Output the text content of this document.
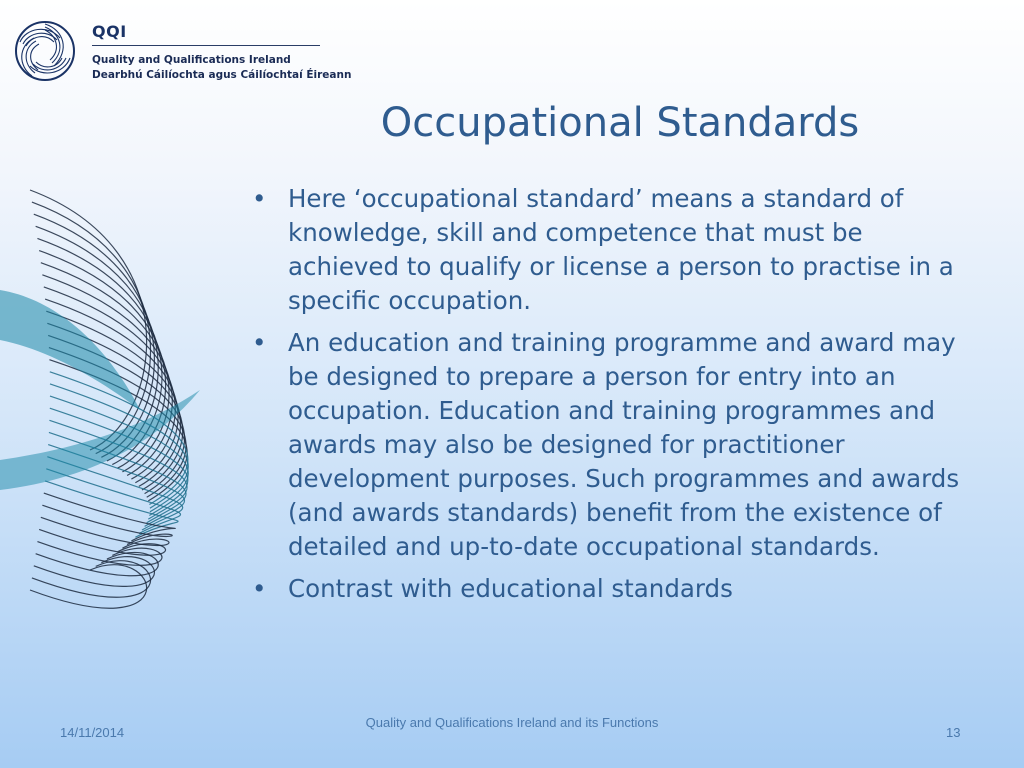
QQI
Quality and Qualifications Ireland
Dearbhú Cáilíochta agus Cáilíochtaí Éireann
Occupational Standards
• Here ‘occupational standard’ means a standard of knowledge, skill and competence that must be achieved to qualify or license a person to practise in a specific occupation.
• An education and training programme and award may be designed to prepare a person for entry into an occupation. Education and training programmes and awards may also be designed for practitioner development purposes. Such programmes and awards (and awards standards) benefit from the existence of detailed and up-to-date occupational standards.
• Contrast with educational standards
14/11/2014
Quality and Qualifications Ireland and its Functions
13
